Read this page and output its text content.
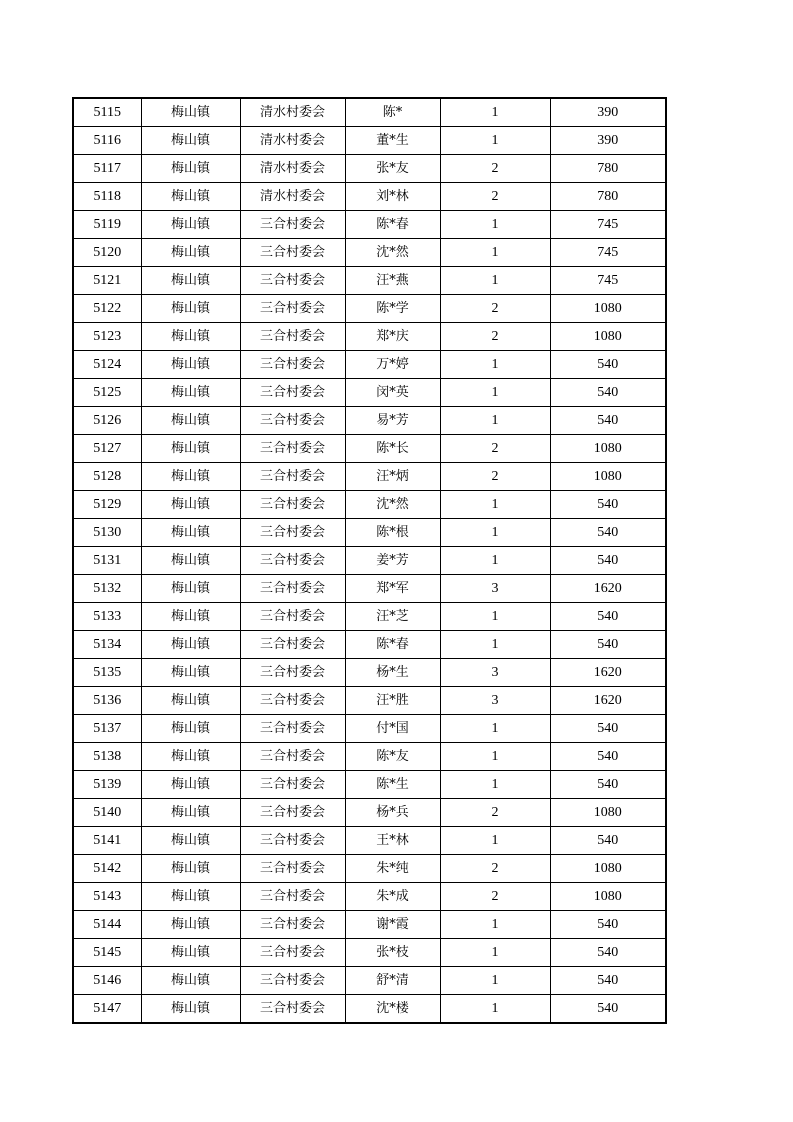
5115	梅山镇	清水村委会	陈*	1	390
5116	梅山镇	清水村委会	董*生	1	390
5117	梅山镇	清水村委会	张*友	2	780
5118	梅山镇	清水村委会	刘*林	2	780
5119	梅山镇	三合村委会	陈*春	1	745
5120	梅山镇	三合村委会	沈*然	1	745
5121	梅山镇	三合村委会	汪*燕	1	745
5122	梅山镇	三合村委会	陈*学	2	1080
5123	梅山镇	三合村委会	郑*庆	2	1080
5124	梅山镇	三合村委会	万*婷	1	540
5125	梅山镇	三合村委会	闵*英	1	540
5126	梅山镇	三合村委会	易*芳	1	540
5127	梅山镇	三合村委会	陈*长	2	1080
5128	梅山镇	三合村委会	汪*炳	2	1080
5129	梅山镇	三合村委会	沈*然	1	540
5130	梅山镇	三合村委会	陈*根	1	540
5131	梅山镇	三合村委会	姜*芳	1	540
5132	梅山镇	三合村委会	郑*军	3	1620
5133	梅山镇	三合村委会	汪*芝	1	540
5134	梅山镇	三合村委会	陈*春	1	540
5135	梅山镇	三合村委会	杨*生	3	1620
5136	梅山镇	三合村委会	汪*胜	3	1620
5137	梅山镇	三合村委会	付*国	1	540
5138	梅山镇	三合村委会	陈*友	1	540
5139	梅山镇	三合村委会	陈*生	1	540
5140	梅山镇	三合村委会	杨*兵	2	1080
5141	梅山镇	三合村委会	王*林	1	540
5142	梅山镇	三合村委会	朱*纯	2	1080
5143	梅山镇	三合村委会	朱*成	2	1080
5144	梅山镇	三合村委会	谢*霞	1	540
5145	梅山镇	三合村委会	张*枝	1	540
5146	梅山镇	三合村委会	舒*清	1	540
5147	梅山镇	三合村委会	沈*楼	1	540
